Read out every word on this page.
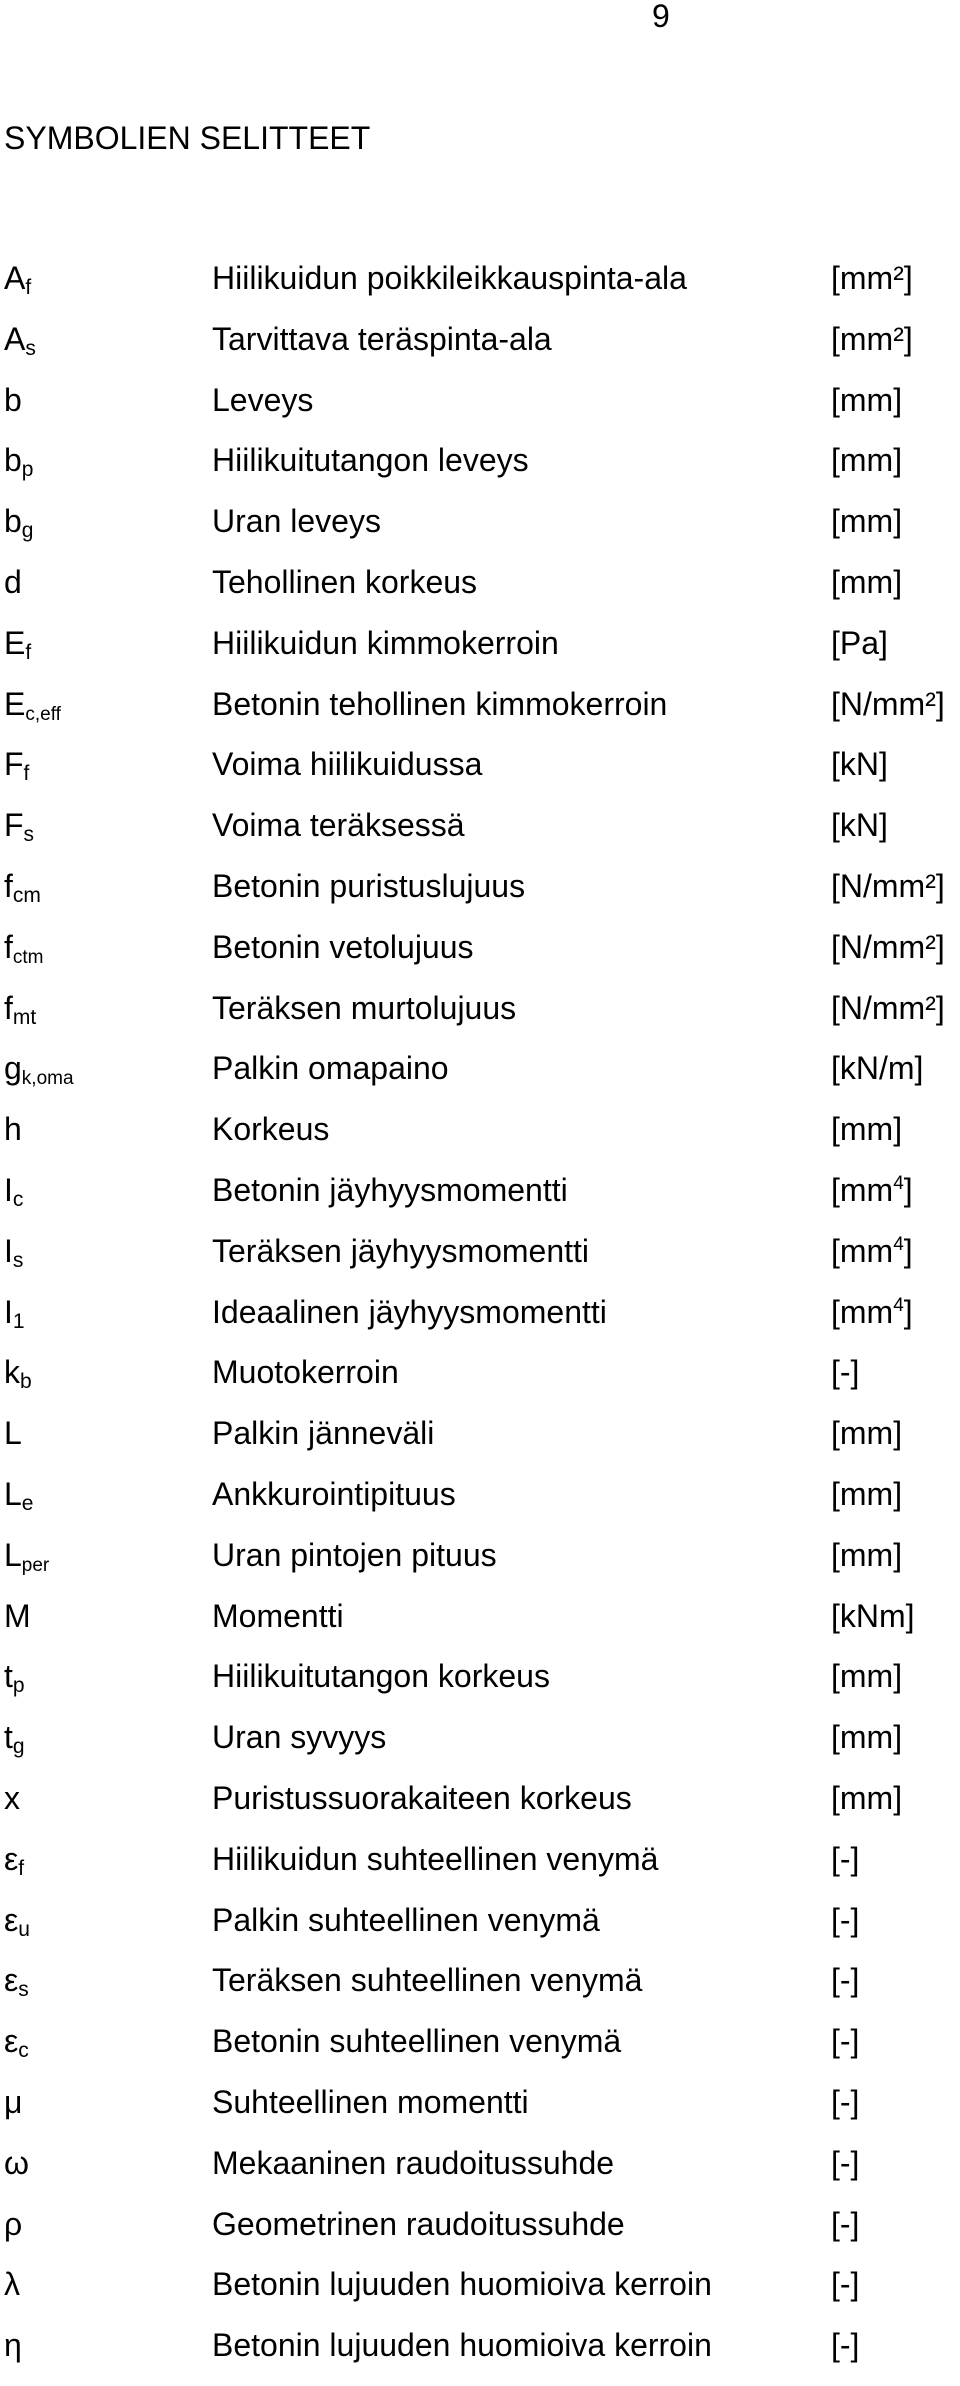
9
SYMBOLIEN SELITTEET
Af	Hiilikuidun poikkileikkauspinta-ala	[mm²]
As	Tarvittava teräspinta-ala	[mm²]
b	Leveys	[mm]
bp	Hiilikuitutangon leveys	[mm]
bg	Uran leveys	[mm]
d	Tehollinen korkeus	[mm]
Ef	Hiilikuidun kimmokerroin	[Pa]
Ec,eff	Betonin tehollinen kimmokerroin	[N/mm²]
Ff	Voima hiilikuidussa	[kN]
Fs	Voima teräksessä	[kN]
fcm	Betonin puristuslujuus	[N/mm²]
fctm	Betonin vetolujuus	[N/mm²]
fmt	Teräksen murtolujuus	[N/mm²]
gk,oma	Palkin omapaino	[kN/m]
h	Korkeus	[mm]
Ic	Betonin jäyhyysmomentti	$[mm^4]$
Is	Teräksen jäyhyysmomentti	$[mm^4]$
I1	Ideaalinen jäyhyysmomentti	$[mm^4]$
kb	Muotokerroin	[-]
L	Palkin jänneväli	[mm]
Le	Ankkurointipituus	[mm]
Lper	Uran pintojen pituus	[mm]
M	Momentti	[kNm]
tp	Hiilikuitutangon korkeus	[mm]
tg	Uran syvyys	[mm]
x	Puristussuorakaiteen korkeus	[mm]
εf	Hiilikuidun suhteellinen venymä	[-]
εu	Palkin suhteellinen venymä	[-]
εs	Teräksen suhteellinen venymä	[-]
εc	Betonin suhteellinen venymä	[-]
μ	Suhteellinen momentti	[-]
ω	Mekaaninen raudoitussuhde	[-]
ρ	Geometrinen raudoitussuhde	[-]
λ	Betonin lujuuden huomioiva kerroin	[-]
η	Betonin lujuuden huomioiva kerroin	[-]
